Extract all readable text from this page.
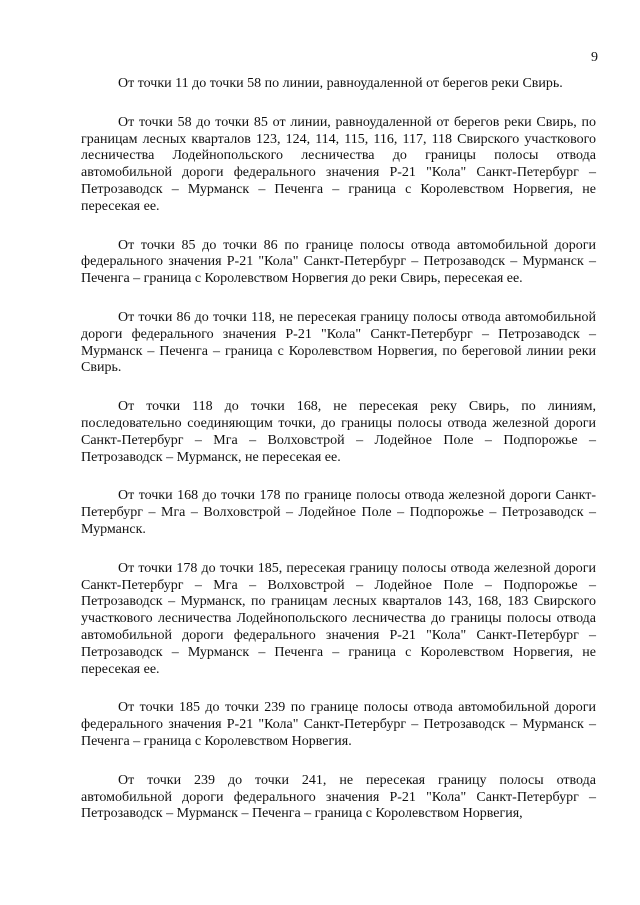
9

От точки 11 до точки 58 по линии, равноудаленной от берегов реки Свирь.

От точки 58 до точки 85 от линии, равноудаленной от берегов реки Свирь, по границам лесных кварталов 123, 124, 114, 115, 116, 117, 118 Свирского участкового лесничества Лодейнопольского лесничества до границы полосы отвода автомобильной дороги федерального значения Р-21 "Кола" Санкт-Петербург – Петрозаводск – Мурманск – Печенга – граница с Королевством Норвегия, не пересекая ее.

От точки 85 до точки 86 по границе полосы отвода автомобильной дороги федерального значения Р-21 "Кола" Санкт-Петербург – Петрозаводск – Мурманск – Печенга – граница с Королевством Норвегия до реки Свирь, пересекая ее.

От точки 86 до точки 118, не пересекая границу полосы отвода автомобильной дороги федерального значения Р-21 "Кола" Санкт-Петербург – Петрозаводск – Мурманск – Печенга – граница с Королевством Норвегия, по береговой линии реки Свирь.

От точки 118 до точки 168, не пересекая реку Свирь, по линиям, последовательно соединяющим точки, до границы полосы отвода железной дороги Санкт-Петербург – Мга – Волховстрой – Лодейное Поле – Подпорожье – Петрозаводск – Мурманск, не пересекая ее.

От точки 168 до точки 178 по границе полосы отвода железной дороги Санкт-Петербург – Мга – Волховстрой – Лодейное Поле – Подпорожье – Петрозаводск – Мурманск.

От точки 178 до точки 185, пересекая границу полосы отвода железной дороги Санкт-Петербург – Мга – Волховстрой – Лодейное Поле – Подпорожье – Петрозаводск – Мурманск, по границам лесных кварталов 143, 168, 183 Свирского участкового лесничества Лодейнопольского лесничества до границы полосы отвода автомобильной дороги федерального значения Р-21 "Кола" Санкт-Петербург – Петрозаводск – Мурманск – Печенга – граница с Королевством Норвегия, не пересекая ее.

От точки 185 до точки 239 по границе полосы отвода автомобильной дороги федерального значения Р-21 "Кола" Санкт-Петербург – Петрозаводск – Мурманск – Печенга – граница с Королевством Норвегия.

От точки 239 до точки 241, не пересекая границу полосы отвода автомобильной дороги федерального значения Р-21 "Кола" Санкт-Петербург – Петрозаводск – Мурманск – Печенга – граница с Королевством Норвегия,
